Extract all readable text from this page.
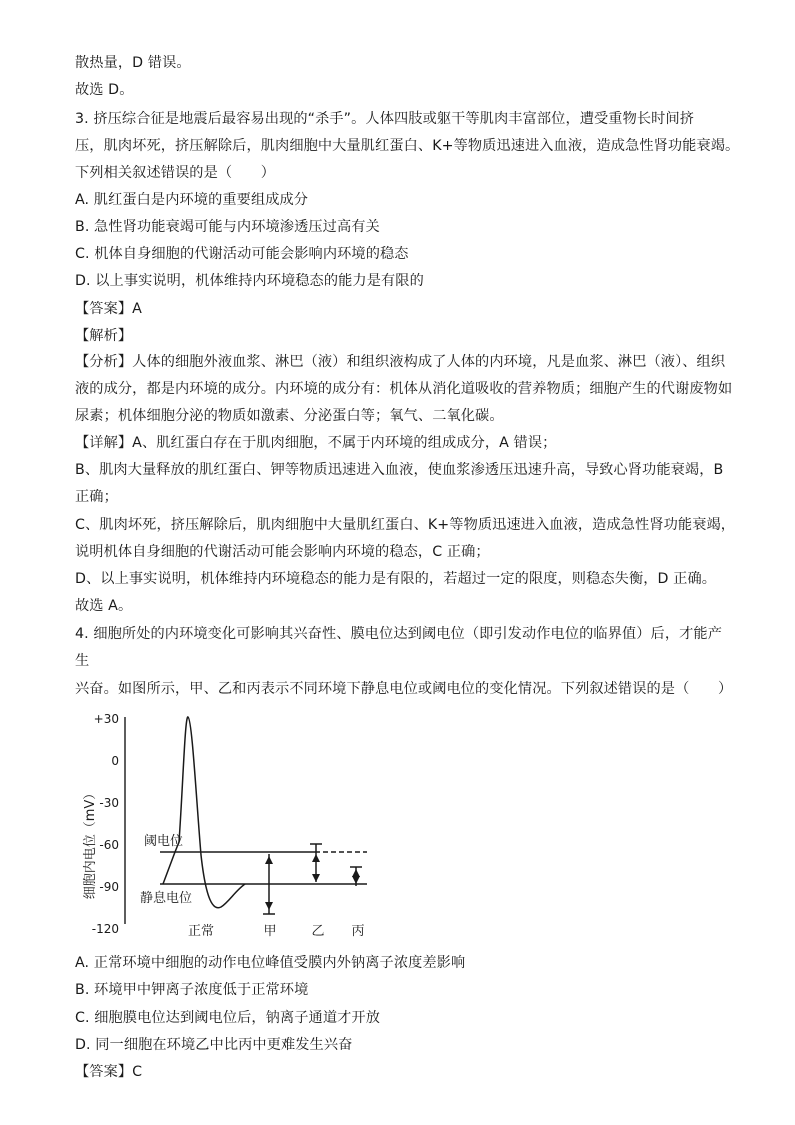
散热量，D 错误。
故选 D。
3. 挤压综合征是地震后最容易出现的“杀手”。人体四肢或躯干等肌肉丰富部位，遭受重物长时间挤
压，肌肉坏死，挤压解除后，肌肉细胞中大量肌红蛋白、K+等物质迅速进入血液，造成急性肾功能衰竭。
下列相关叙述错误的是（　　）
A. 肌红蛋白是内环境的重要组成成分
B. 急性肾功能衰竭可能与内环境渗透压过高有关
C. 机体自身细胞的代谢活动可能会影响内环境的稳态
D. 以上事实说明，机体维持内环境稳态的能力是有限的
【答案】A
【解析】
【分析】人体的细胞外液血浆、淋巴（液）和组织液构成了人体的内环境，凡是血浆、淋巴（液）、组织
液的成分，都是内环境的成分。内环境的成分有：机体从消化道吸收的营养物质；细胞产生的代谢废物如
尿素；机体细胞分泌的物质如激素、分泌蛋白等；氧气、二氧化碳。
【详解】A、肌红蛋白存在于肌肉细胞，不属于内环境的组成成分，A 错误；
B、肌肉大量释放的肌红蛋白、钾等物质迅速进入血液，使血浆渗透压迅速升高，导致心肾功能衰竭，B
正确；
C、肌肉坏死，挤压解除后，肌肉细胞中大量肌红蛋白、K+等物质迅速进入血液，造成急性肾功能衰竭，
说明机体自身细胞的代谢活动可能会影响内环境的稳态，C 正确；
D、以上事实说明，机体维持内环境稳态的能力是有限的，若超过一定的限度，则稳态失衡，D 正确。
故选 A。
4. 细胞所处的内环境变化可影响其兴奋性、膜电位达到阈电位（即引发动作电位的临界值）后，才能产
生
兴奋。如图所示，甲、乙和丙表示不同环境下静息电位或阈电位的变化情况。下列叙述错误的是（　　）
A. 正常环境中细胞的动作电位峰值受膜内外钠离子浓度差影响
B. 环境甲中钾离子浓度低于正常环境
C. 细胞膜电位达到阈电位后，钠离子通道才开放
D. 同一细胞在环境乙中比丙中更难发生兴奋
【答案】C
+30
0
-30
-60
-90
-120
细胞内电位（mV）	阈电位
静息电位
正常	甲	乙 丙
